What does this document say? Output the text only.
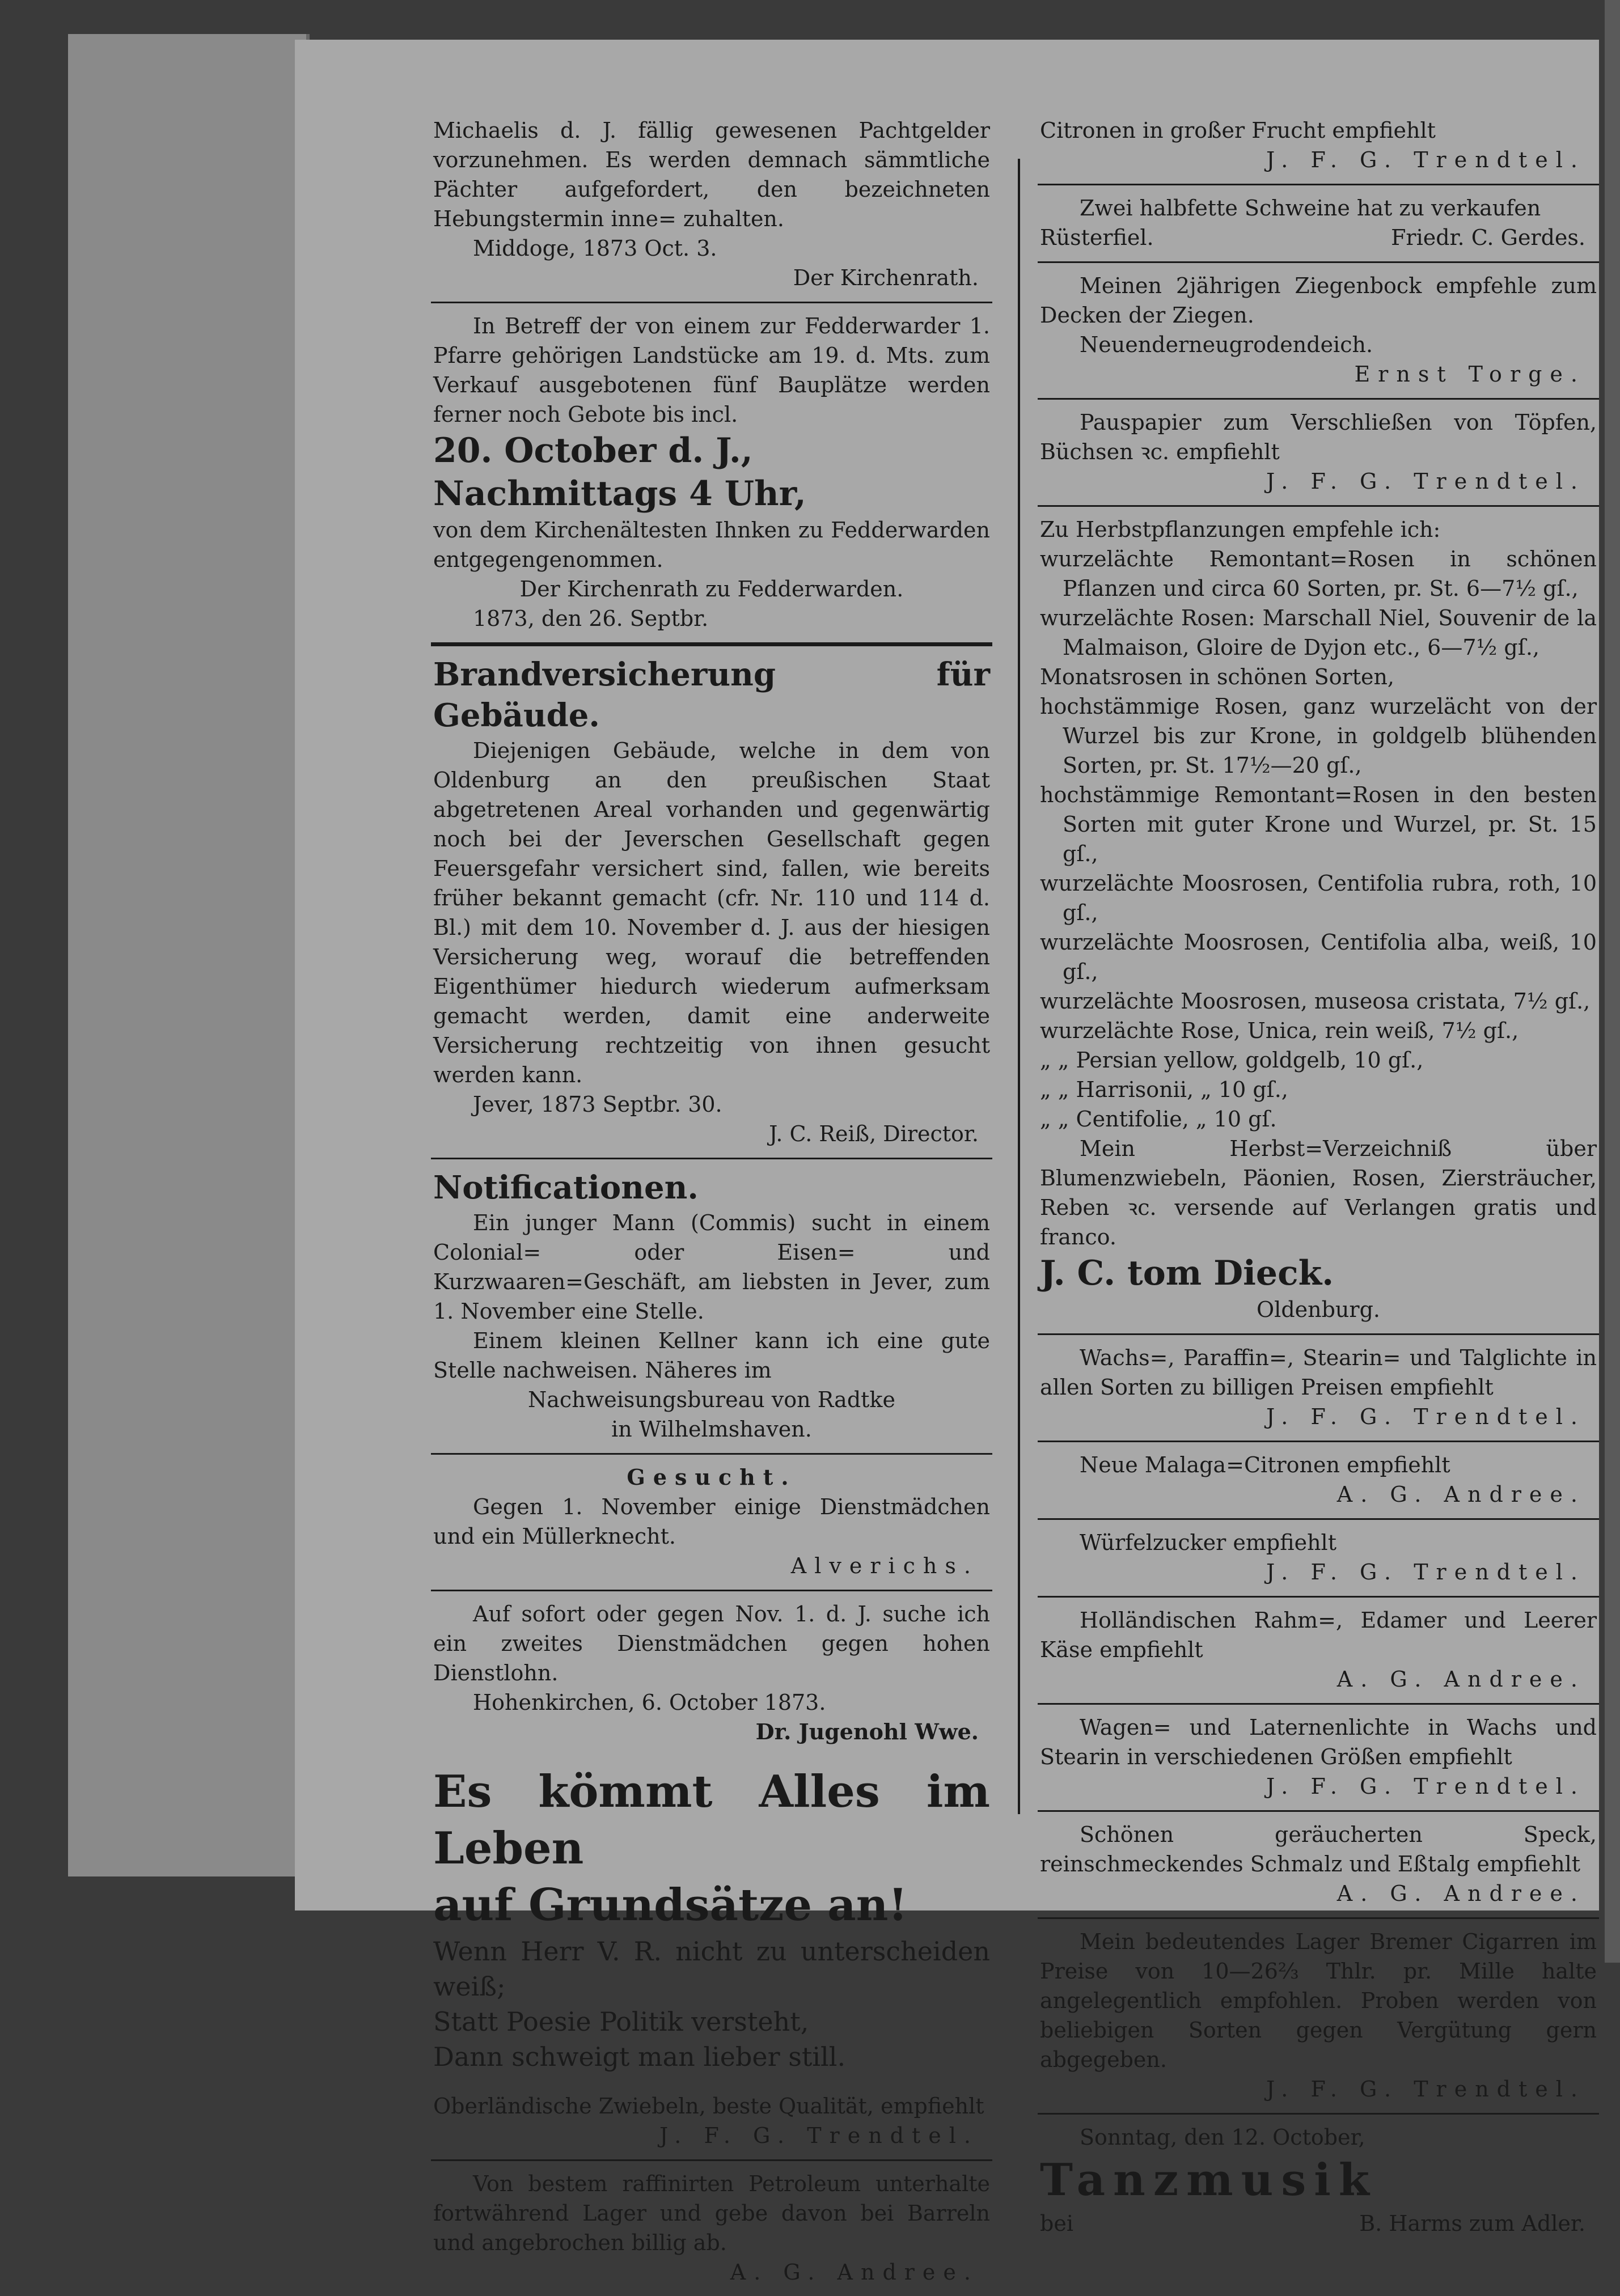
Michaelis d. J. fällig gewesenen Pachtgelder vorzunehmen. Es werden demnach sämmtliche Pächter aufgefordert, den bezeichneten Hebungstermin inne= zuhalten.

Middoge, 1873 Oct. 3.

Der Kirchenrath.

In Betreff der von einem zur Fedderwarder 1. Pfarre gehörigen Landstücke am 19. d. Mts. zum Verkauf ausgebotenen fünf Bauplätze werden ferner noch Gebote bis incl.

20. October d. J.,

Nachmittags 4 Uhr,

von dem Kirchenältesten Ihnken zu Fedderwarden entgegengenommen.

Der Kirchenrath zu Fedderwarden.

1873, den 26. Septbr.

Brandversicherung für Gebäude.

Diejenigen Gebäude, welche in dem von Oldenburg an den preußischen Staat abgetretenen Areal vorhanden und gegenwärtig noch bei der Jeverschen Gesellschaft gegen Feuersgefahr versichert sind, fallen, wie bereits früher bekannt gemacht (cfr. Nr. 110 und 114 d. Bl.) mit dem 10. November d. J. aus der hiesigen Versicherung weg, worauf die betreffenden Eigenthümer hiedurch wiederum aufmerksam gemacht werden, damit eine anderweite Versicherung rechtzeitig von ihnen gesucht werden kann.

Jever, 1873 Septbr. 30.

J. C. Reiß, Director.

Notificationen.

Ein junger Mann (Commis) sucht in einem Colonial= oder Eisen= und Kurzwaaren=Geschäft, am liebsten in Jever, zum 1. November eine Stelle.

Einem kleinen Kellner kann ich eine gute Stelle nachweisen. Näheres im

Nachweisungsbureau von Radtke

in Wilhelmshaven.

Gesucht.

Gegen 1. November einige Dienstmädchen und ein Müllerknecht.

Alverichs.

Auf sofort oder gegen Nov. 1. d. J. suche ich ein zweites Dienstmädchen gegen hohen Dienstlohn.

Hohenkirchen, 6. October 1873.

Dr. Jugenohl Wwe.

Es kömmt Alles im Leben

auf Grundsätze an!

Wenn Herr V. R. nicht zu unterscheiden weiß;

Statt Poesie Politik versteht,

Dann schweigt man lieber still.

Oberländische Zwiebeln, beste Qualität, empfiehlt

J. F. G. Trendtel.

Von bestem raffinirten Petroleum unterhalte fortwährend Lager und gebe davon bei Barreln und angebrochen billig ab.

A. G. Andree.

Citronen in großer Frucht empfiehlt

J. F. G. Trendtel.

Zwei halbfette Schweine hat zu verkaufen

Rüsterfiel.	Friedr. C. Gerdes.

Meinen 2jährigen Ziegenbock empfehle zum Decken der Ziegen.

Neuenderneugrodendeich.

Ernst Torge.

Pauspapier zum Verschließen von Töpfen, Büchsen ꝛc. empfiehlt

J. F. G. Trendtel.

Zu Herbstpflanzungen empfehle ich:

wurzelächte Remontant=Rosen in schönen Pflanzen und circa 60 Sorten, pr. St. 6—7½ gſ.,

wurzelächte Rosen: Marschall Niel, Souvenir de la Malmaison, Gloire de Dyjon etc., 6—7½ gſ.,

Monatsrosen in schönen Sorten,

hochstämmige Rosen, ganz wurzelächt von der Wurzel bis zur Krone, in goldgelb blühenden Sorten, pr. St. 17½—20 gſ.,

hochstämmige Remontant=Rosen in den besten Sorten mit guter Krone und Wurzel, pr. St. 15 gſ.,

wurzelächte Moosrosen, Centifolia rubra, roth, 10 gſ.,

wurzelächte Moosrosen, Centifolia alba, weiß, 10 gſ.,

wurzelächte Moosrosen, museosa cristata, 7½ gſ.,

wurzelächte Rose, Unica, rein weiß, 7½ gſ.,

„ „ Persian yellow, goldgelb, 10 gſ.,

„ „ Harrisonii, „ 10 gſ.,

„ „ Centifolie, „ 10 gſ.

Mein Herbst=Verzeichniß über Blumenzwiebeln, Päonien, Rosen, Ziersträucher, Reben ꝛc. versende auf Verlangen gratis und franco.

J. C. tom Dieck.

Oldenburg.

Wachs=, Paraffin=, Stearin= und Talglichte in allen Sorten zu billigen Preisen empfiehlt

J. F. G. Trendtel.

Neue Malaga=Citronen empfiehlt

A. G. Andree.

Würfelzucker empfiehlt

J. F. G. Trendtel.

Holländischen Rahm=, Edamer und Leerer Käse empfiehlt

A. G. Andree.

Wagen= und Laternenlichte in Wachs und Stearin in verschiedenen Größen empfiehlt

J. F. G. Trendtel.

Schönen geräucherten Speck, reinschmeckendes Schmalz und Eßtalg empfiehlt

A. G. Andree.

Mein bedeutendes Lager Bremer Cigarren im Preise von 10—26⅔ Thlr. pr. Mille halte angelegentlich empfohlen. Proben werden von beliebigen Sorten gegen Vergütung gern abgegeben.

J. F. G. Trendtel.

Sonntag, den 12. October,

Tanzmusik

bei	B. Harms zum Adler.
